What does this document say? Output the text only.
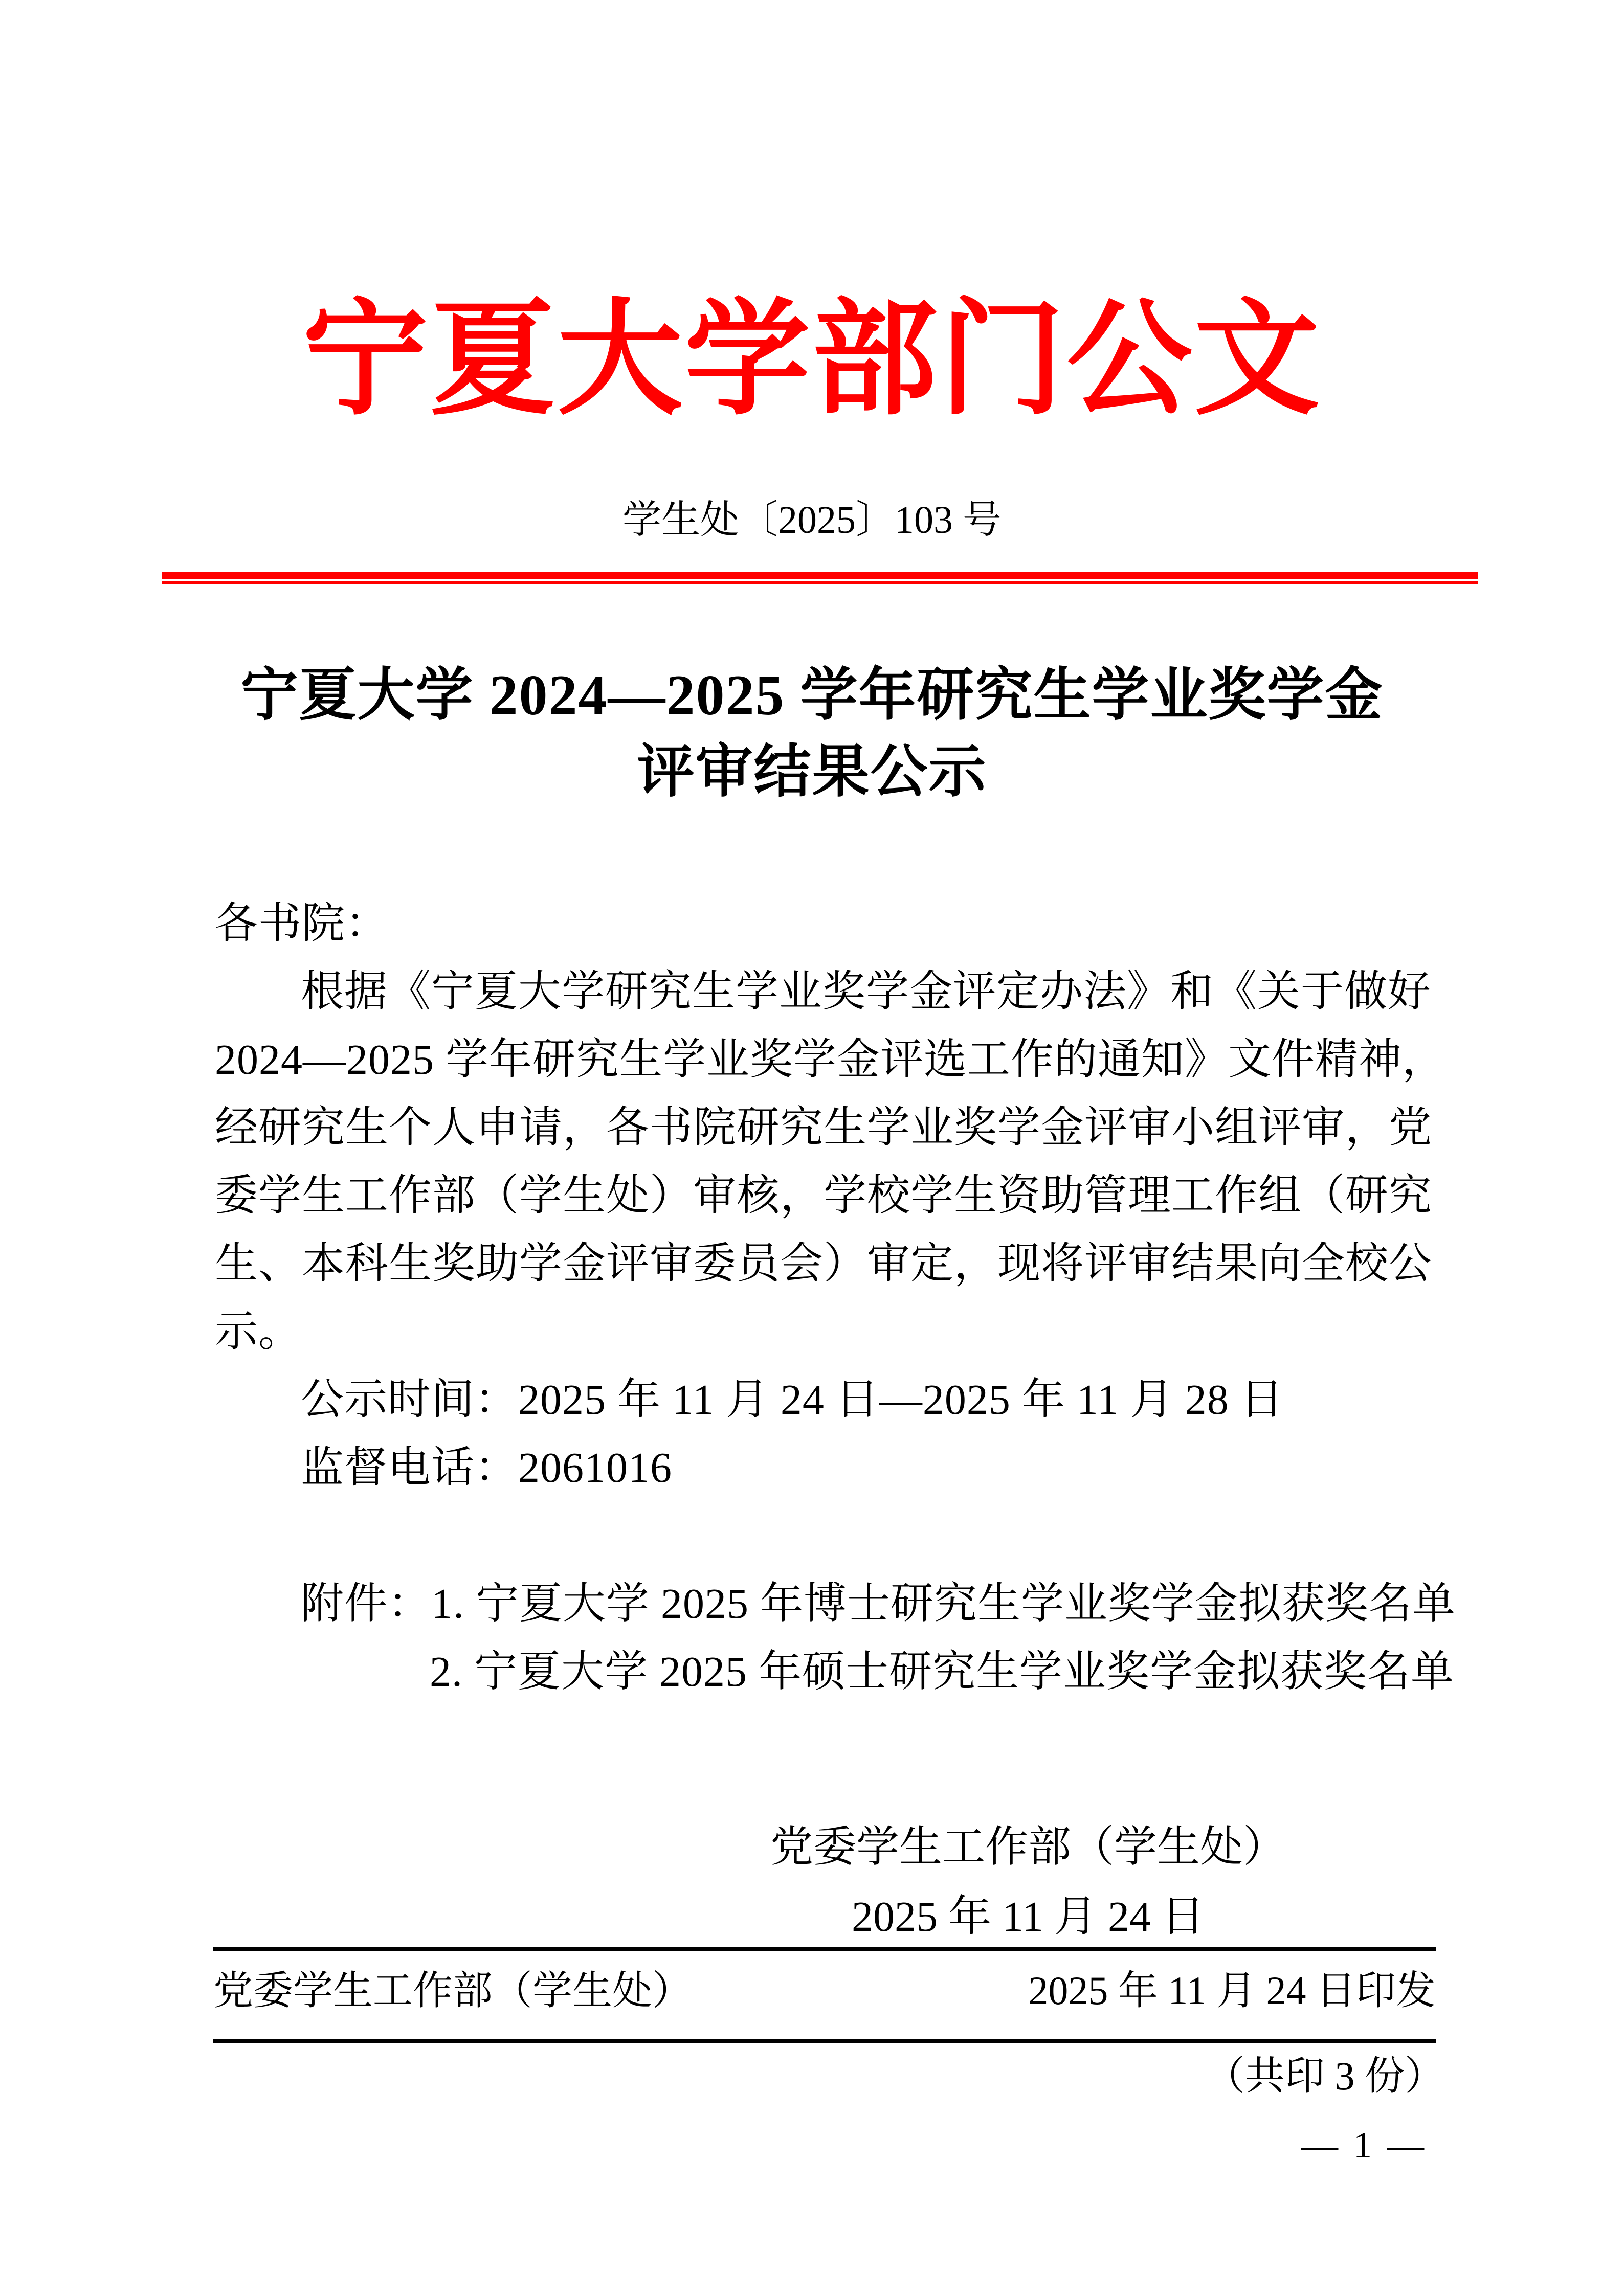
宁夏大学部门公文
学生处〔2025〕103 号
宁夏大学 2024—2025 学年研究生学业奖学金
评审结果公示
各书院：
根据《宁夏大学研究生学业奖学金评定办法》和《关于做好
2024—2025 学年研究生学业奖学金评选工作的通知》文件精神，
经研究生个人申请，各书院研究生学业奖学金评审小组评审，党
委学生工作部（学生处）审核，学校学生资助管理工作组（研究
生、本科生奖助学金评审委员会）审定，现将评审结果向全校公
示。
公示时间：2025 年 11 月 24 日—2025 年 11 月 28 日
监督电话：2061016
附件：1. 宁夏大学 2025 年博士研究生学业奖学金拟获奖名单
2. 宁夏大学 2025 年硕士研究生学业奖学金拟获奖名单
党委学生工作部（学生处）
2025 年 11 月 24 日
党委学生工作部（学生处）	2025 年 11 月 24 日印发
（共印 3 份）
— 1 —
